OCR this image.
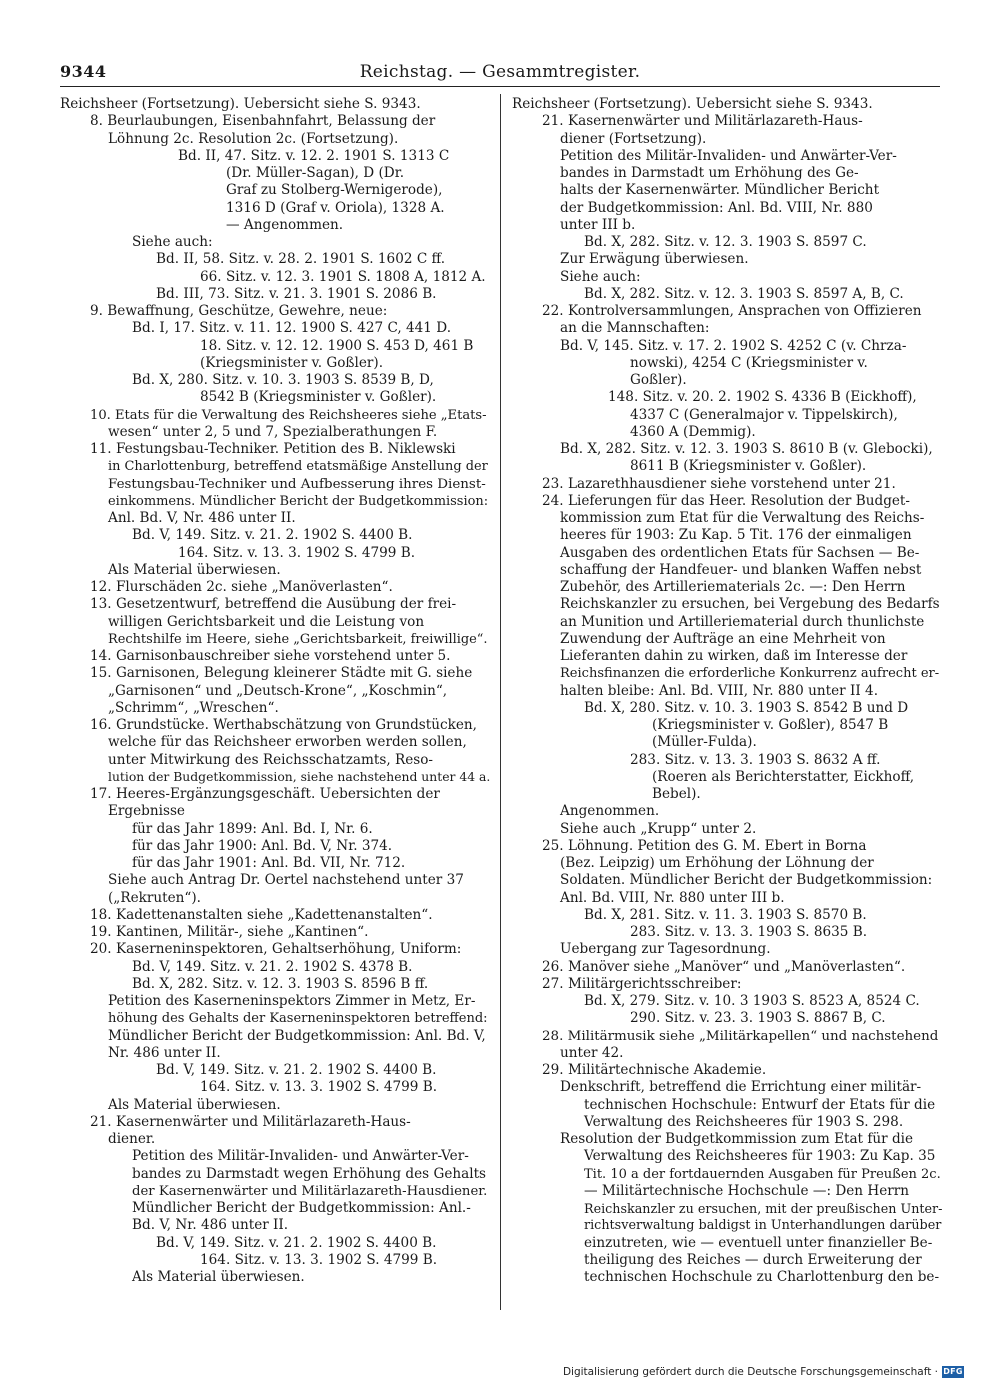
9344	Reichstag. — Gesammtregister.
Reichsheer (Fortsetzung). Uebersicht siehe S. 9343.
8. Beurlaubungen, Eisenbahnfahrt, Belassung der
Löhnung 2c. Resolution 2c. (Fortsetzung).
Bd. II, 47. Sitz. v. 12. 2. 1901 S. 1313 C
(Dr. Müller-Sagan), D (Dr.
Graf zu Stolberg-Wernigerode),
1316 D (Graf v. Oriola), 1328 A.
— Angenommen.
Siehe auch:
Bd. II, 58. Sitz. v. 28. 2. 1901 S. 1602 C ff.
66. Sitz. v. 12. 3. 1901 S. 1808 A, 1812 A.
Bd. III, 73. Sitz. v. 21. 3. 1901 S. 2086 B.
9. Bewaffnung, Geschütze, Gewehre, neue:
Bd. I, 17. Sitz. v. 11. 12. 1900 S. 427 C, 441 D.
18. Sitz. v. 12. 12. 1900 S. 453 D, 461 B
(Kriegsminister v. Goßler).
Bd. X, 280. Sitz. v. 10. 3. 1903 S. 8539 B, D,
8542 B (Kriegsminister v. Goßler).
10. Etats für die Verwaltung des Reichsheeres siehe „Etats-
wesen“ unter 2, 5 und 7, Spezialberathungen F.
11. Festungsbau-Techniker. Petition des B. Niklewski
in Charlottenburg, betreffend etatsmäßige Anstellung der
Festungsbau-Techniker und Aufbesserung ihres Dienst-
einkommens. Mündlicher Bericht der Budgetkommission:
Anl. Bd. V, Nr. 486 unter II.
Bd. V, 149. Sitz. v. 21. 2. 1902 S. 4400 B.
164. Sitz. v. 13. 3. 1902 S. 4799 B.
Als Material überwiesen.
12. Flurschäden 2c. siehe „Manöverlasten“.
13. Gesetzentwurf, betreffend die Ausübung der frei-
willigen Gerichtsbarkeit und die Leistung von
Rechtshilfe im Heere, siehe „Gerichtsbarkeit, freiwillige“.
14. Garnisonbauschreiber siehe vorstehend unter 5.
15. Garnisonen, Belegung kleinerer Städte mit G. siehe
„Garnisonen“ und „Deutsch-Krone“, „Koschmin“,
„Schrimm“, „Wreschen“.
16. Grundstücke. Werthabschätzung von Grundstücken,
welche für das Reichsheer erworben werden sollen,
unter Mitwirkung des Reichsschatzamts, Reso-
lution der Budgetkommission, siehe nachstehend unter 44 a.
17. Heeres-Ergänzungsgeschäft. Uebersichten der
Ergebnisse
für das Jahr 1899: Anl. Bd. I, Nr. 6.
für das Jahr 1900: Anl. Bd. V, Nr. 374.
für das Jahr 1901: Anl. Bd. VII, Nr. 712.
Siehe auch Antrag Dr. Oertel nachstehend unter 37
(„Rekruten“).
18. Kadettenanstalten siehe „Kadettenanstalten“.
19. Kantinen, Militär-, siehe „Kantinen“.
20. Kaserneninspektoren, Gehaltserhöhung, Uniform:
Bd. V, 149. Sitz. v. 21. 2. 1902 S. 4378 B.
Bd. X, 282. Sitz. v. 12. 3. 1903 S. 8596 B ff.
Petition des Kaserneninspektors Zimmer in Metz, Er-
höhung des Gehalts der Kaserneninspektoren betreffend:
Mündlicher Bericht der Budgetkommission: Anl. Bd. V,
Nr. 486 unter II.
Bd. V, 149. Sitz. v. 21. 2. 1902 S. 4400 B.
164. Sitz. v. 13. 3. 1902 S. 4799 B.
Als Material überwiesen.
21. Kasernenwärter und Militärlazareth-Haus-
diener.
Petition des Militär-Invaliden- und Anwärter-Ver-
bandes zu Darmstadt wegen Erhöhung des Gehalts
der Kasernenwärter und Militärlazareth-Hausdiener.
Mündlicher Bericht der Budgetkommission: Anl.-
Bd. V, Nr. 486 unter II.
Bd. V, 149. Sitz. v. 21. 2. 1902 S. 4400 B.
164. Sitz. v. 13. 3. 1902 S. 4799 B.
Als Material überwiesen.
Reichsheer (Fortsetzung). Uebersicht siehe S. 9343.
21. Kasernenwärter und Militärlazareth-Haus-
diener (Fortsetzung).
Petition des Militär-Invaliden- und Anwärter-Ver-
bandes in Darmstadt um Erhöhung des Ge-
halts der Kasernenwärter. Mündlicher Bericht
der Budgetkommission: Anl. Bd. VIII, Nr. 880
unter III b.
Bd. X, 282. Sitz. v. 12. 3. 1903 S. 8597 C.
Zur Erwägung überwiesen.
Siehe auch:
Bd. X, 282. Sitz. v. 12. 3. 1903 S. 8597 A, B, C.
22. Kontrolversammlungen, Ansprachen von Offizieren
an die Mannschaften:
Bd. V, 145. Sitz. v. 17. 2. 1902 S. 4252 C (v. Chrza-
nowski), 4254 C (Kriegsminister v.
Goßler).
148. Sitz. v. 20. 2. 1902 S. 4336 B (Eickhoff),
4337 C (Generalmajor v. Tippelskirch),
4360 A (Demmig).
Bd. X, 282. Sitz. v. 12. 3. 1903 S. 8610 B (v. Glebocki),
8611 B (Kriegsminister v. Goßler).
23. Lazarethhausdiener siehe vorstehend unter 21.
24. Lieferungen für das Heer. Resolution der Budget-
kommission zum Etat für die Verwaltung des Reichs-
heeres für 1903: Zu Kap. 5 Tit. 176 der einmaligen
Ausgaben des ordentlichen Etats für Sachsen — Be-
schaffung der Handfeuer- und blanken Waffen nebst
Zubehör, des Artilleriematerials 2c. —: Den Herrn
Reichskanzler zu ersuchen, bei Vergebung des Bedarfs
an Munition und Artilleriematerial durch thunlichste
Zuwendung der Aufträge an eine Mehrheit von
Lieferanten dahin zu wirken, daß im Interesse der
Reichsfinanzen die erforderliche Konkurrenz aufrecht er-
halten bleibe: Anl. Bd. VIII, Nr. 880 unter II 4.
Bd. X, 280. Sitz. v. 10. 3. 1903 S. 8542 B und D
(Kriegsminister v. Goßler), 8547 B
(Müller-Fulda).
283. Sitz. v. 13. 3. 1903 S. 8632 A ff.
(Roeren als Berichterstatter, Eickhoff,
Bebel).
Angenommen.
Siehe auch „Krupp“ unter 2.
25. Löhnung. Petition des G. M. Ebert in Borna
(Bez. Leipzig) um Erhöhung der Löhnung der
Soldaten. Mündlicher Bericht der Budgetkommission:
Anl. Bd. VIII, Nr. 880 unter III b.
Bd. X, 281. Sitz. v. 11. 3. 1903 S. 8570 B.
283. Sitz. v. 13. 3. 1903 S. 8635 B.
Uebergang zur Tagesordnung.
26. Manöver siehe „Manöver“ und „Manöverlasten“.
27. Militärgerichtsschreiber:
Bd. X, 279. Sitz. v. 10. 3 1903 S. 8523 A, 8524 C.
290. Sitz. v. 23. 3. 1903 S. 8867 B, C.
28. Militärmusik siehe „Militärkapellen“ und nachstehend
unter 42.
29. Militärtechnische Akademie.
Denkschrift, betreffend die Errichtung einer militär-
technischen Hochschule: Entwurf der Etats für die
Verwaltung des Reichsheeres für 1903 S. 298.
Resolution der Budgetkommission zum Etat für die
Verwaltung des Reichsheeres für 1903: Zu Kap. 35
Tit. 10 a der fortdauernden Ausgaben für Preußen 2c.
— Militärtechnische Hochschule —: Den Herrn
Reichskanzler zu ersuchen, mit der preußischen Unter-
richtsverwaltung baldigst in Unterhandlungen darüber
einzutreten, wie — eventuell unter finanzieller Be-
theiligung des Reiches — durch Erweiterung der
technischen Hochschule zu Charlottenburg den be-
Digitalisierung gefördert durch die Deutsche Forschungsgemeinschaft · DFG
